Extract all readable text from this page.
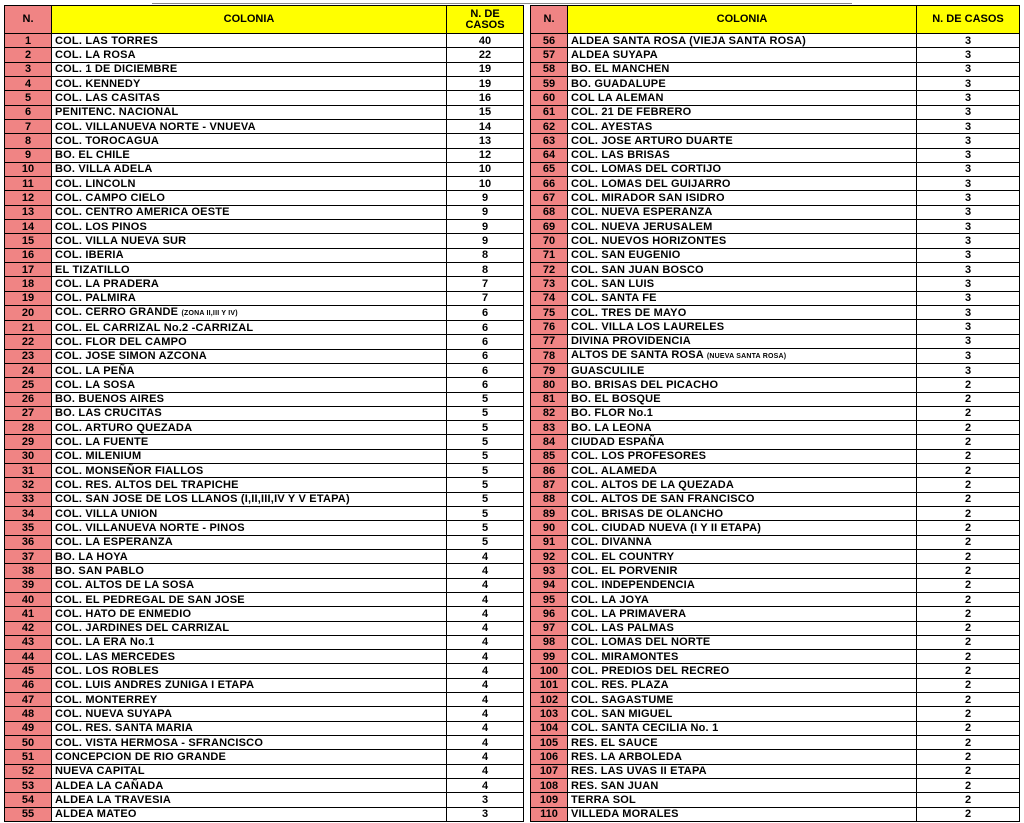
N.	COLONIA	N. DE CASOS
1	COL. LAS TORRES	40
2	COL. LA ROSA	22
3	COL. 1 DE DICIEMBRE	19
4	COL. KENNEDY	19
5	COL. LAS CASITAS	16
6	PENITENC. NACIONAL	15
7	COL. VILLANUEVA NORTE - VNUEVA	14
8	COL. TOROCAGUA	13
9	BO. EL CHILE	12
10	BO. VILLA ADELA	10
11	COL. LINCOLN	10
12	COL. CAMPO CIELO	9
13	COL. CENTRO AMERICA OESTE	9
14	COL. LOS PINOS	9
15	COL. VILLA NUEVA SUR	9
16	COL. IBERIA	8
17	EL TIZATILLO	8
18	COL. LA PRADERA	7
19	COL. PALMIRA	7
20	COL. CERRO GRANDE (ZONA II,III Y IV)	6
21	COL. EL CARRIZAL No.2 -CARRIZAL	6
22	COL. FLOR DEL CAMPO	6
23	COL. JOSE SIMON AZCONA	6
24	COL. LA PEÑA	6
25	COL. LA SOSA	6
26	BO. BUENOS AIRES	5
27	BO. LAS CRUCITAS	5
28	COL. ARTURO QUEZADA	5
29	COL. LA FUENTE	5
30	COL. MILENIUM	5
31	COL. MONSEÑOR FIALLOS	5
32	COL. RES. ALTOS DEL TRAPICHE	5
33	COL. SAN JOSE DE LOS LLANOS (I,II,III,IV Y V ETAPA)	5
34	COL. VILLA UNION	5
35	COL. VILLANUEVA NORTE - PINOS	5
36	COL. LA ESPERANZA	5
37	BO. LA HOYA	4
38	BO. SAN PABLO	4
39	COL. ALTOS DE LA SOSA	4
40	COL. EL PEDREGAL DE SAN JOSE	4
41	COL. HATO DE ENMEDIO	4
42	COL. JARDINES DEL CARRIZAL	4
43	COL. LA ERA No.1	4
44	COL. LAS MERCEDES	4
45	COL. LOS ROBLES	4
46	COL. LUIS ANDRES ZUNIGA I ETAPA	4
47	COL. MONTERREY	4
48	COL. NUEVA SUYAPA	4
49	COL. RES. SANTA MARIA	4
50	COL. VISTA HERMOSA - SFRANCISCO	4
51	CONCEPCION DE RIO GRANDE	4
52	NUEVA CAPITAL	4
53	ALDEA LA CAÑADA	4
54	ALDEA LA TRAVESIA	3
55	ALDEA MATEO	3
N.	COLONIA	N. DE CASOS
56	ALDEA SANTA ROSA (VIEJA SANTA ROSA)	3
57	ALDEA SUYAPA	3
58	BO. EL MANCHEN	3
59	BO. GUADALUPE	3
60	COL LA ALEMAN	3
61	COL. 21 DE FEBRERO	3
62	COL. AYESTAS	3
63	COL. JOSE ARTURO DUARTE	3
64	COL. LAS BRISAS	3
65	COL. LOMAS DEL CORTIJO	3
66	COL. LOMAS DEL GUIJARRO	3
67	COL. MIRADOR SAN ISIDRO	3
68	COL. NUEVA ESPERANZA	3
69	COL. NUEVA JERUSALEM	3
70	COL. NUEVOS HORIZONTES	3
71	COL. SAN EUGENIO	3
72	COL. SAN JUAN BOSCO	3
73	COL. SAN LUIS	3
74	COL. SANTA FE	3
75	COL. TRES DE MAYO	3
76	COL. VILLA LOS LAURELES	3
77	DIVINA PROVIDENCIA	3
78	ALTOS DE SANTA ROSA (NUEVA SANTA ROSA)	3
79	GUASCULILE	3
80	BO. BRISAS DEL PICACHO	2
81	BO. EL BOSQUE	2
82	BO. FLOR No.1	2
83	BO. LA LEONA	2
84	CIUDAD ESPAÑA	2
85	COL. LOS PROFESORES	2
86	COL. ALAMEDA	2
87	COL. ALTOS DE LA QUEZADA	2
88	COL. ALTOS DE SAN FRANCISCO	2
89	COL. BRISAS DE OLANCHO	2
90	COL. CIUDAD NUEVA (I Y II ETAPA)	2
91	COL. DIVANNA	2
92	COL. EL COUNTRY	2
93	COL. EL PORVENIR	2
94	COL. INDEPENDENCIA	2
95	COL. LA JOYA	2
96	COL. LA PRIMAVERA	2
97	COL. LAS PALMAS	2
98	COL. LOMAS DEL NORTE	2
99	COL. MIRAMONTES	2
100	COL. PREDIOS DEL RECREO	2
101	COL. RES. PLAZA	2
102	COL. SAGASTUME	2
103	COL. SAN MIGUEL	2
104	COL. SANTA CECILIA No. 1	2
105	RES. EL SAUCE	2
106	RES. LA ARBOLEDA	2
107	RES. LAS UVAS II ETAPA	2
108	RES. SAN JUAN	2
109	TERRA SOL	2
110	VILLEDA MORALES	2
